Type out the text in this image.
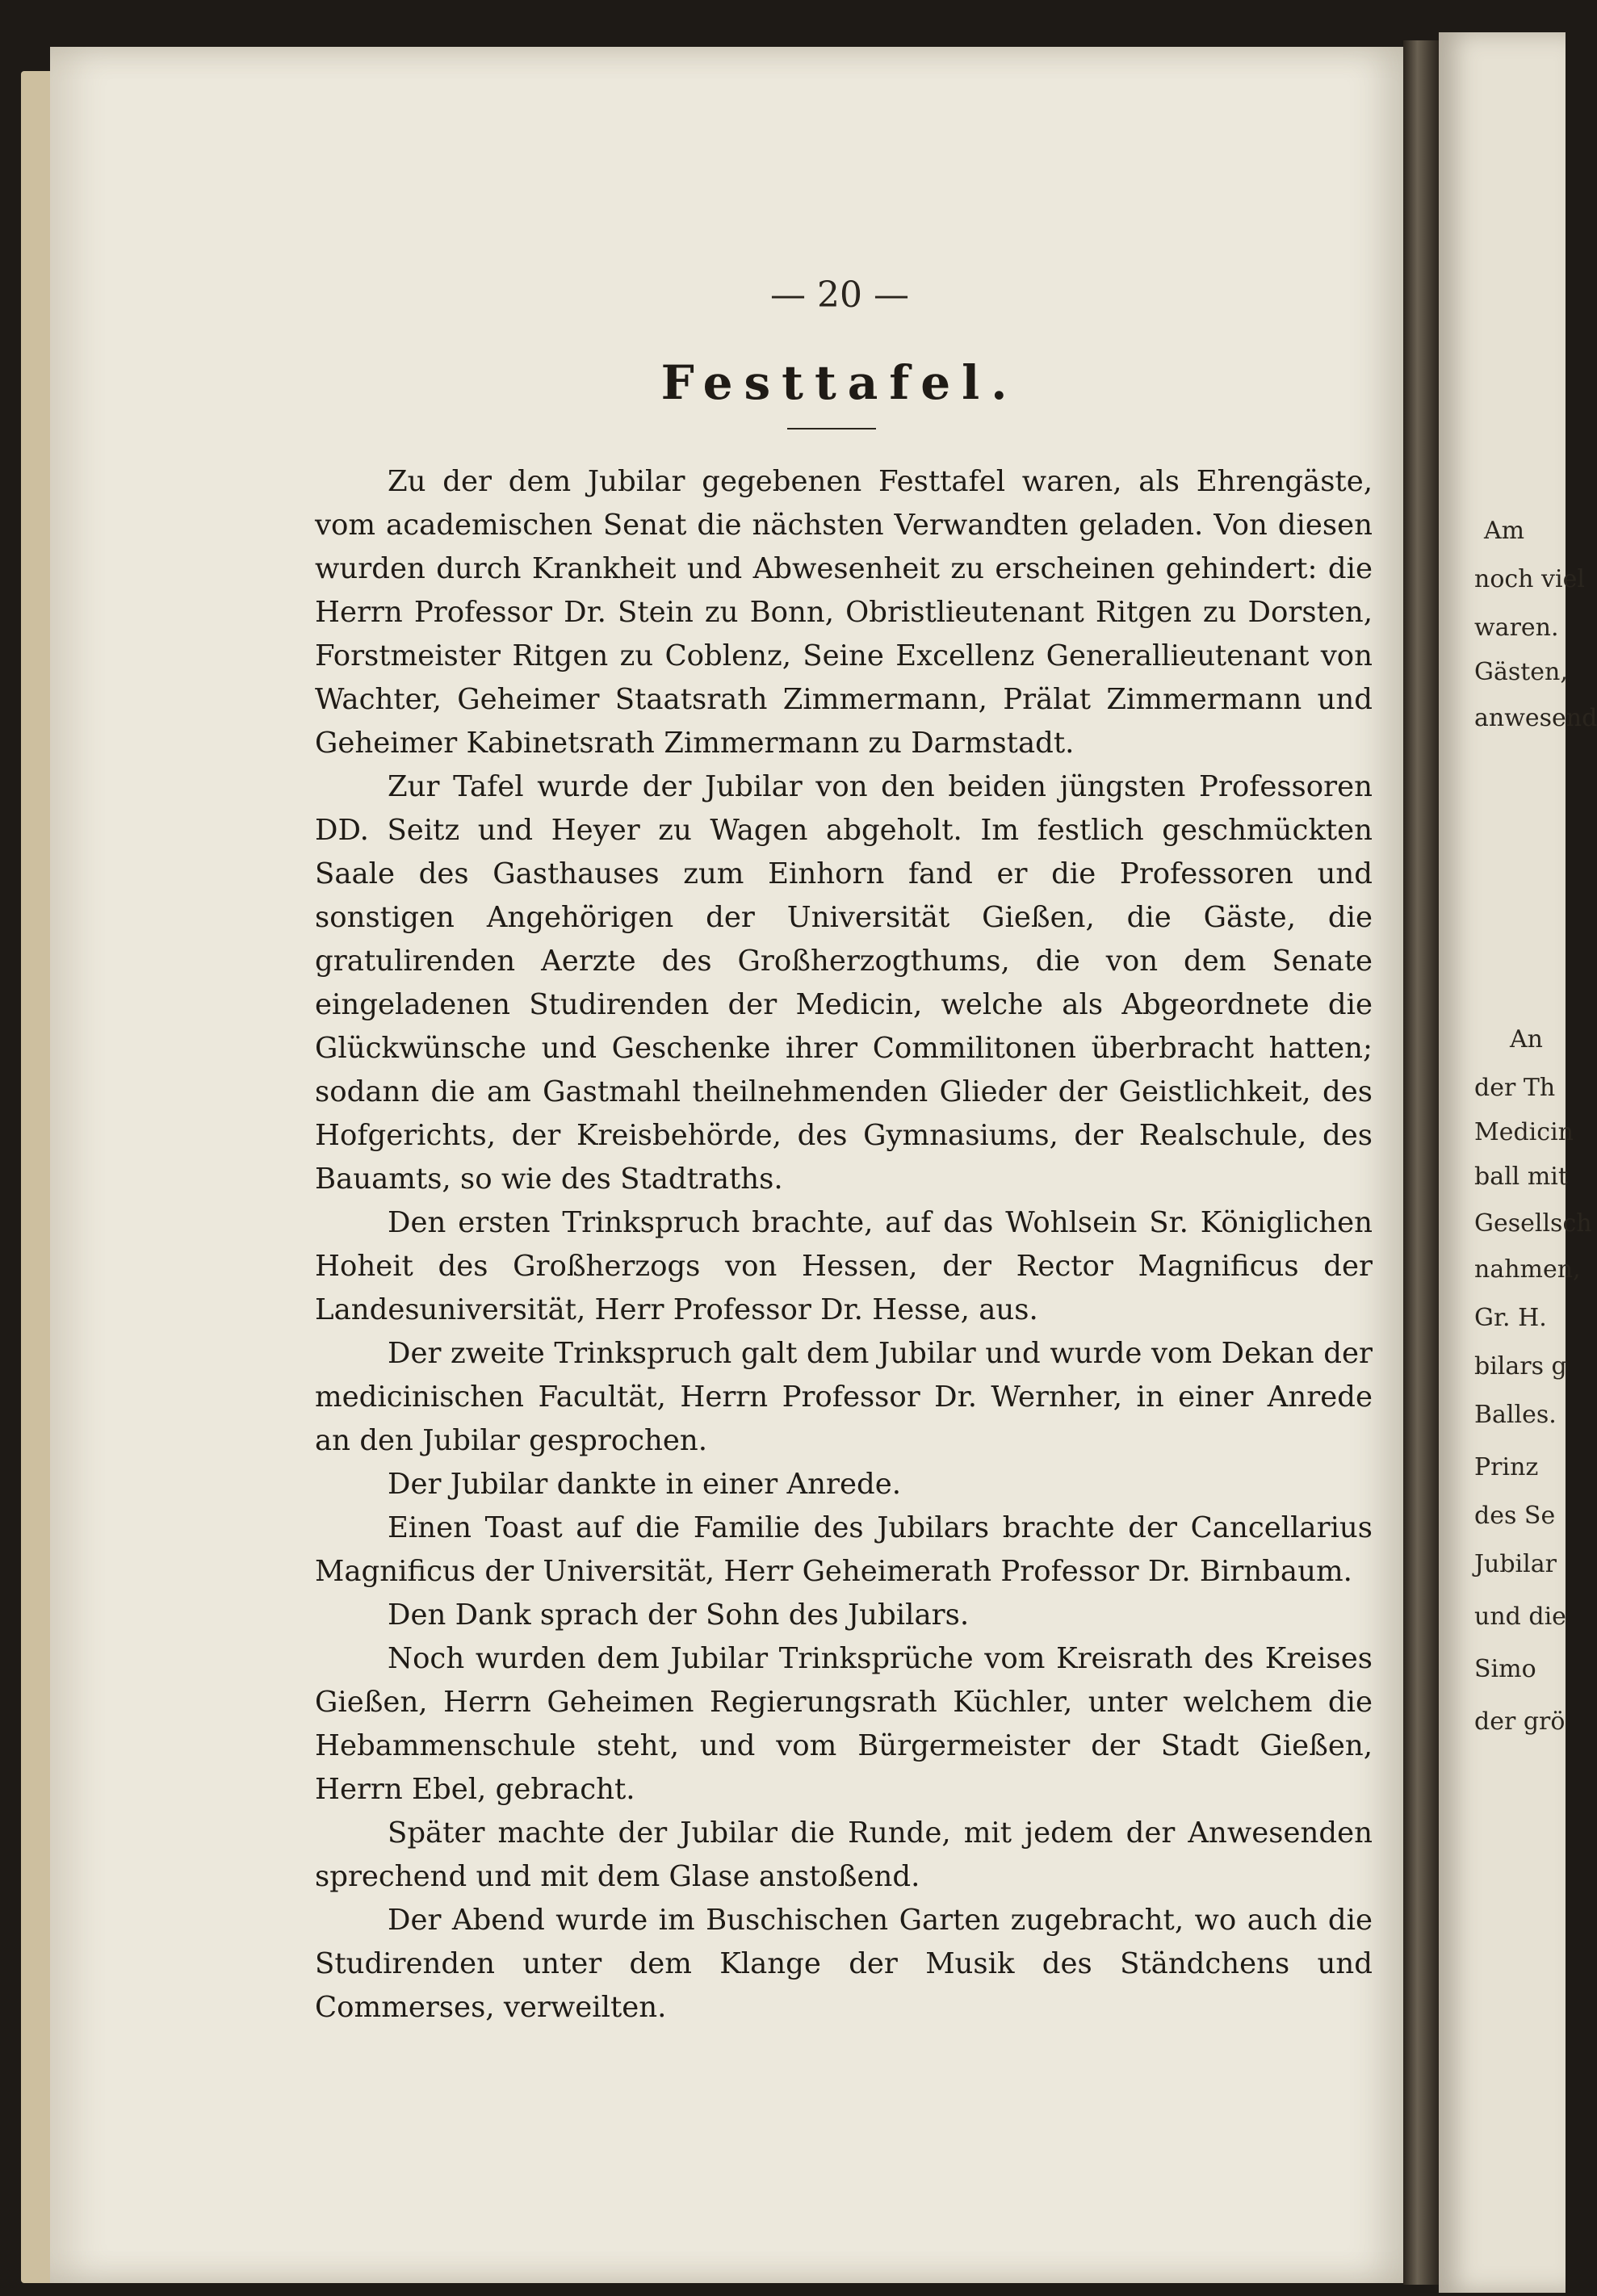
Am
noch viel
waren.
Gästen,
anwesend
An
der Th
Medicin
ball mit
Gesellsch
nahmen,
Gr. H.
bilars g
Balles.
Prinz
des Se
Jubilar
und die
Simo
der grö

— 20 —

Festtafel.

Zu der dem Jubilar gegebenen Festtafel waren, als Ehrengäste, vom academischen Senat die nächsten Verwandten geladen. Von diesen wurden durch Krankheit und Abwesenheit zu erscheinen gehindert: die Herrn Professor Dr. Stein zu Bonn, Obristlieutenant Ritgen zu Dorsten, Forstmeister Ritgen zu Coblenz, Seine Excellenz Generallieutenant von Wachter, Geheimer Staatsrath Zimmermann, Prälat Zimmermann und Geheimer Kabinetsrath Zimmermann zu Darmstadt.

Zur Tafel wurde der Jubilar von den beiden jüngsten Professoren DD. Seitz und Heyer zu Wagen abgeholt. Im festlich geschmückten Saale des Gasthauses zum Einhorn fand er die Professoren und sonstigen Angehörigen der Universität Gießen, die Gäste, die gratulirenden Aerzte des Großherzogthums, die von dem Senate eingeladenen Studirenden der Medicin, welche als Abgeordnete die Glückwünsche und Geschenke ihrer Commilitonen überbracht hatten; sodann die am Gastmahl theilnehmenden Glieder der Geistlichkeit, des Hofgerichts, der Kreisbehörde, des Gymnasiums, der Realschule, des Bauamts, so wie des Stadtraths.

Den ersten Trinkspruch brachte, auf das Wohlsein Sr. Königlichen Hoheit des Großherzogs von Hessen, der Rector Magnificus der Landesuniversität, Herr Professor Dr. Hesse, aus.

Der zweite Trinkspruch galt dem Jubilar und wurde vom Dekan der medicinischen Facultät, Herrn Professor Dr. Wernher, in einer Anrede an den Jubilar gesprochen.

Der Jubilar dankte in einer Anrede.

Einen Toast auf die Familie des Jubilars brachte der Cancellarius Magnificus der Universität, Herr Geheimerath Professor Dr. Birnbaum.

Den Dank sprach der Sohn des Jubilars.

Noch wurden dem Jubilar Trinksprüche vom Kreisrath des Kreises Gießen, Herrn Geheimen Regierungsrath Küchler, unter welchem die Hebammenschule steht, und vom Bürgermeister der Stadt Gießen, Herrn Ebel, gebracht.

Später machte der Jubilar die Runde, mit jedem der Anwesenden sprechend und mit dem Glase anstoßend.

Der Abend wurde im Buschischen Garten zugebracht, wo auch die Studirenden unter dem Klange der Musik des Ständchens und Commerses, verweilten.
